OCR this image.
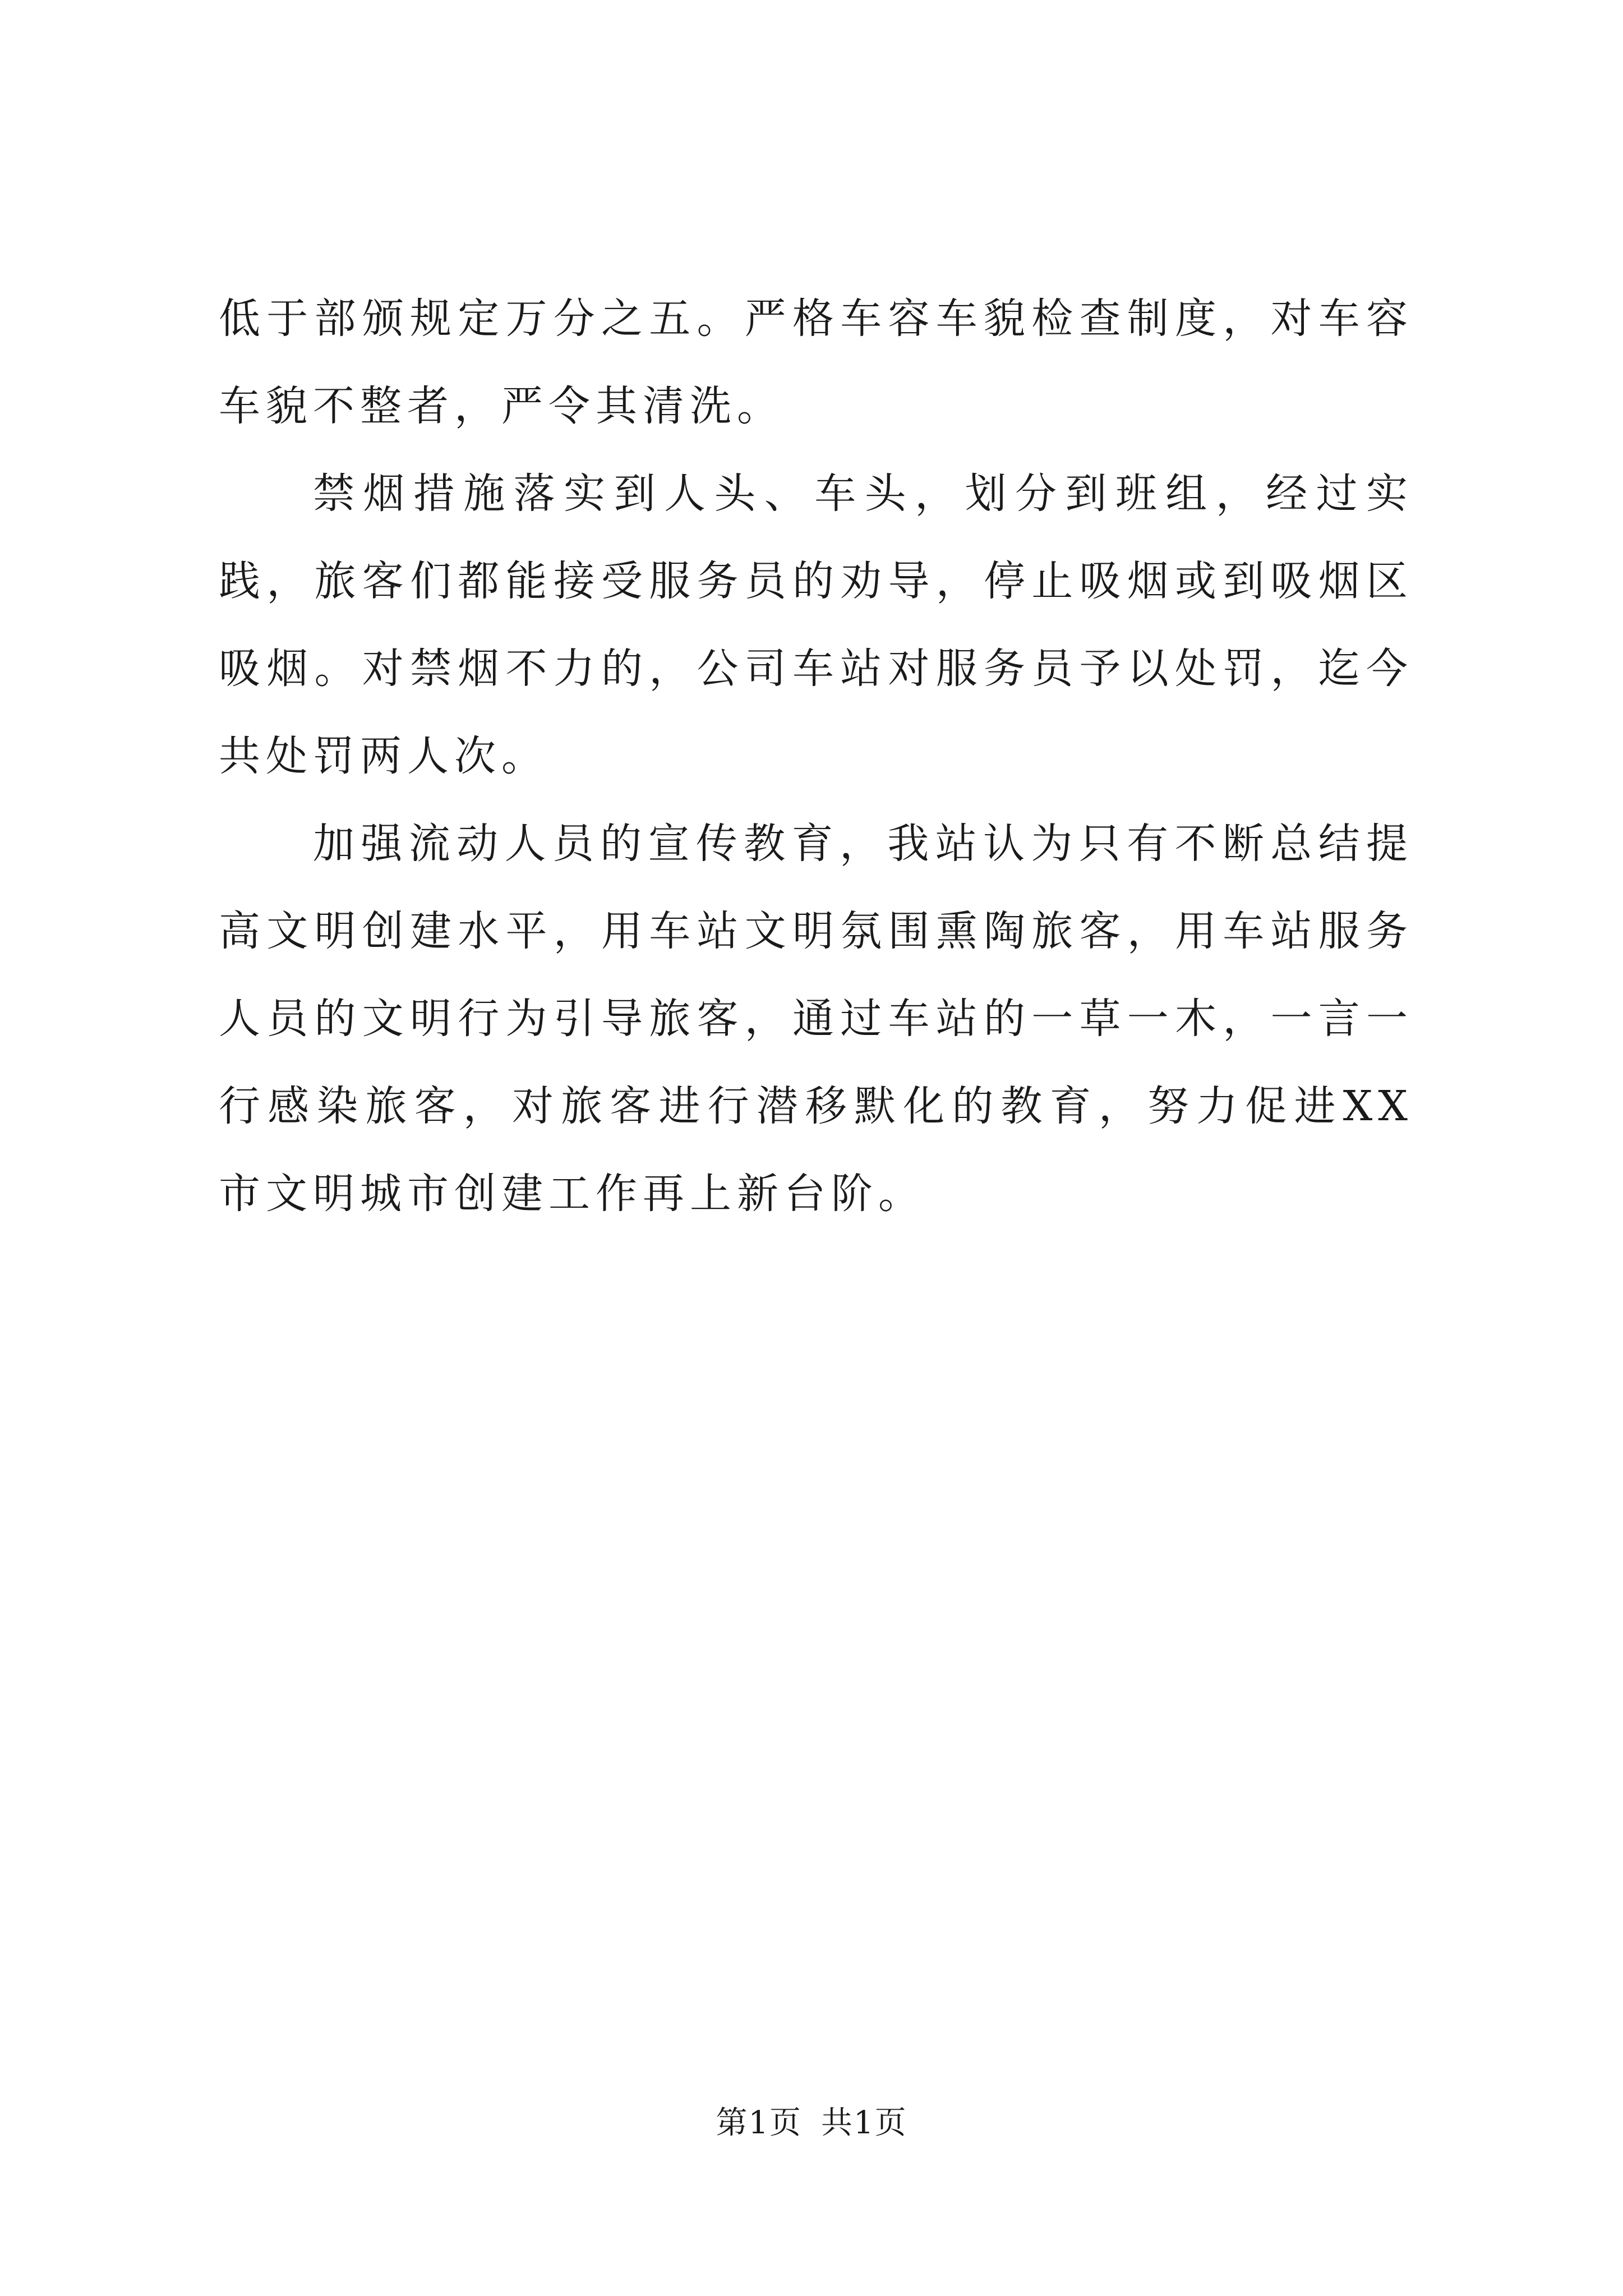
低于部颁规定万分之五。严格车容车貌检查制度，对车容车貌不整者，严令其清洗。

禁烟措施落实到人头、车头，划分到班组，经过实践，旅客们都能接受服务员的劝导，停止吸烟或到吸烟区吸烟。对禁烟不力的，公司车站对服务员予以处罚，迄今共处罚两人次。

加强流动人员的宣传教育，我站认为只有不断总结提高文明创建水平，用车站文明氛围熏陶旅客，用车站服务人员的文明行为引导旅客，通过车站的一草一木，一言一行感染旅客，对旅客进行潜移默化的教育，努力促进XX市文明城市创建工作再上新台阶。

第1页 共1页
